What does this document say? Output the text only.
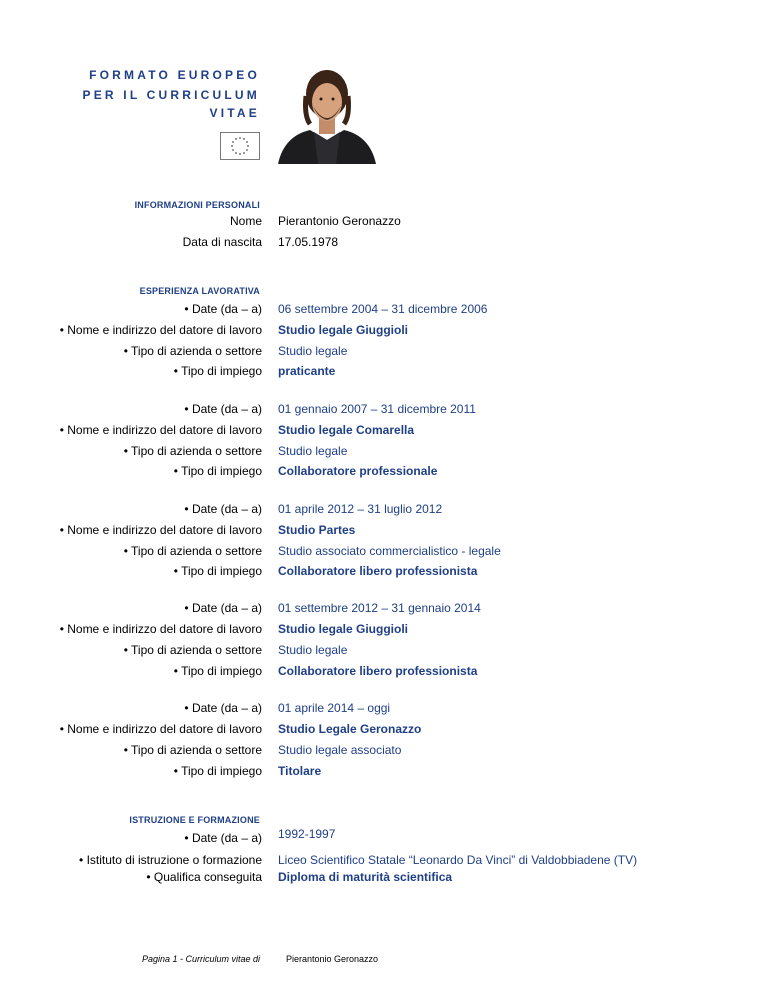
FORMATO EUROPEO
PER IL CURRICULUM
VITAE
INFORMAZIONI PERSONALI
Nome Pierantonio Geronazzo
Data di nascita 17.05.1978
ESPERIENZA LAVORATIVA
• Date (da – a) 06 settembre 2004 – 31 dicembre 2006
• Nome e indirizzo del datore di lavoro Studio legale Giuggioli
• Tipo di azienda o settore Studio legale
• Tipo di impiego praticante
• Date (da – a) 01 gennaio 2007 – 31 dicembre 2011
• Nome e indirizzo del datore di lavoro Studio legale Comarella
• Tipo di azienda o settore Studio legale
• Tipo di impiego Collaboratore professionale
• Date (da – a) 01 aprile 2012 – 31 luglio 2012
• Nome e indirizzo del datore di lavoro Studio Partes
• Tipo di azienda o settore Studio associato commercialistico - legale
• Tipo di impiego Collaboratore libero professionista
• Date (da – a) 01 settembre 2012 – 31 gennaio 2014
• Nome e indirizzo del datore di lavoro Studio legale Giuggioli
• Tipo di azienda o settore Studio legale
• Tipo di impiego Collaboratore libero professionista
• Date (da – a) 01 aprile 2014 – oggi
• Nome e indirizzo del datore di lavoro Studio Legale Geronazzo
• Tipo di azienda o settore Studio legale associato
• Tipo di impiego Titolare
ISTRUZIONE E FORMAZIONE
• Date (da – a) 1992-1997
• Istituto di istruzione o formazione Liceo Scientifico Statale “Leonardo Da Vinci” di Valdobbiadene (TV)
• Qualifica conseguita Diploma di maturità scientifica
Pagina 1 - Curriculum vitae di	Pierantonio Geronazzo
